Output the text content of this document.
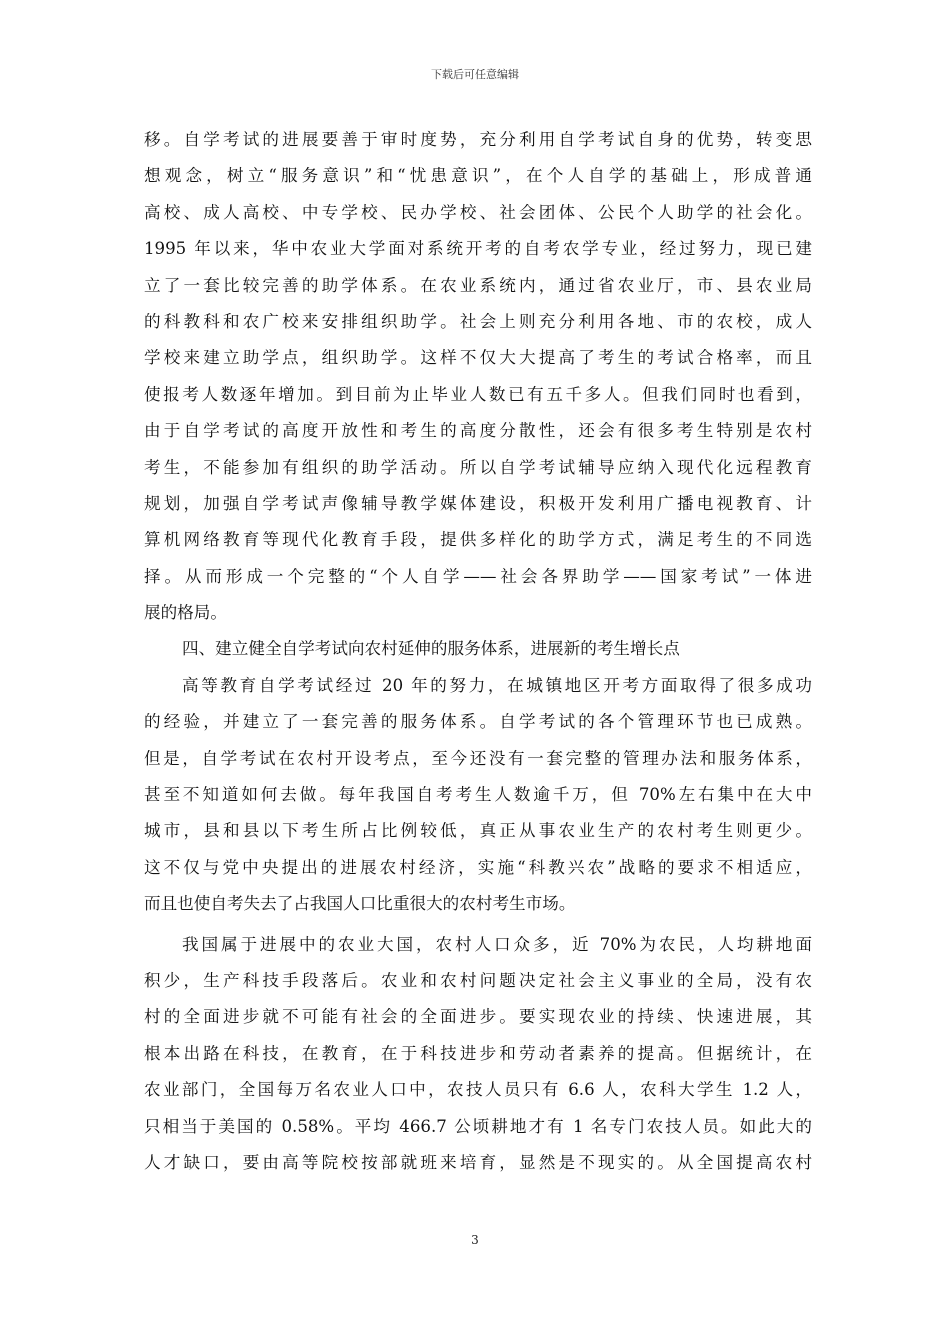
下载后可任意编辑
移。自学考试的进展要善于审时度势，充分利用自学考试自身的优势，转变思
想观念，树立“服务意识”和“忧患意识”，在个人自学的基础上，形成普通
高校、成人高校、中专学校、民办学校、社会团体、公民个人助学的社会化。
1995 年以来，华中农业大学面对系统开考的自考农学专业，经过努力，现已建
立了一套比较完善的助学体系。在农业系统内，通过省农业厅，市、县农业局
的科教科和农广校来安排组织助学。社会上则充分利用各地、市的农校，成人
学校来建立助学点，组织助学。这样不仅大大提高了考生的考试合格率，而且
使报考人数逐年增加。到目前为止毕业人数已有五千多人。但我们同时也看到，
由于自学考试的高度开放性和考生的高度分散性，还会有很多考生特别是农村
考生，不能参加有组织的助学活动。所以自学考试辅导应纳入现代化远程教育
规划，加强自学考试声像辅导教学媒体建设，积极开发利用广播电视教育、计
算机网络教育等现代化教育手段，提供多样化的助学方式，满足考生的不同选
择。从而形成一个完整的“个人自学——社会各界助学——国家考试”一体进
展的格局。
四、建立健全自学考试向农村延伸的服务体系，进展新的考生增长点
高等教育自学考试经过 20 年的努力，在城镇地区开考方面取得了很多成功
的经验，并建立了一套完善的服务体系。自学考试的各个管理环节也已成熟。
但是，自学考试在农村开设考点，至今还没有一套完整的管理办法和服务体系，
甚至不知道如何去做。每年我国自考考生人数逾千万，但 70%左右集中在大中
城市，县和县以下考生所占比例较低，真正从事农业生产的农村考生则更少。
这不仅与党中央提出的进展农村经济，实施“科教兴农”战略的要求不相适应，
而且也使自考失去了占我国人口比重很大的农村考生市场。
我国属于进展中的农业大国，农村人口众多，近 70%为农民，人均耕地面
积少，生产科技手段落后。农业和农村问题决定社会主义事业的全局，没有农
村的全面进步就不可能有社会的全面进步。要实现农业的持续、快速进展，其
根本出路在科技，在教育，在于科技进步和劳动者素养的提高。但据统计，在
农业部门，全国每万名农业人口中，农技人员只有 6.6 人，农科大学生 1.2 人，
只相当于美国的 0.58%。平均 466.7 公顷耕地才有 1 名专门农技人员。如此大的
人才缺口，要由高等院校按部就班来培育，显然是不现实的。从全国提高农村
3
